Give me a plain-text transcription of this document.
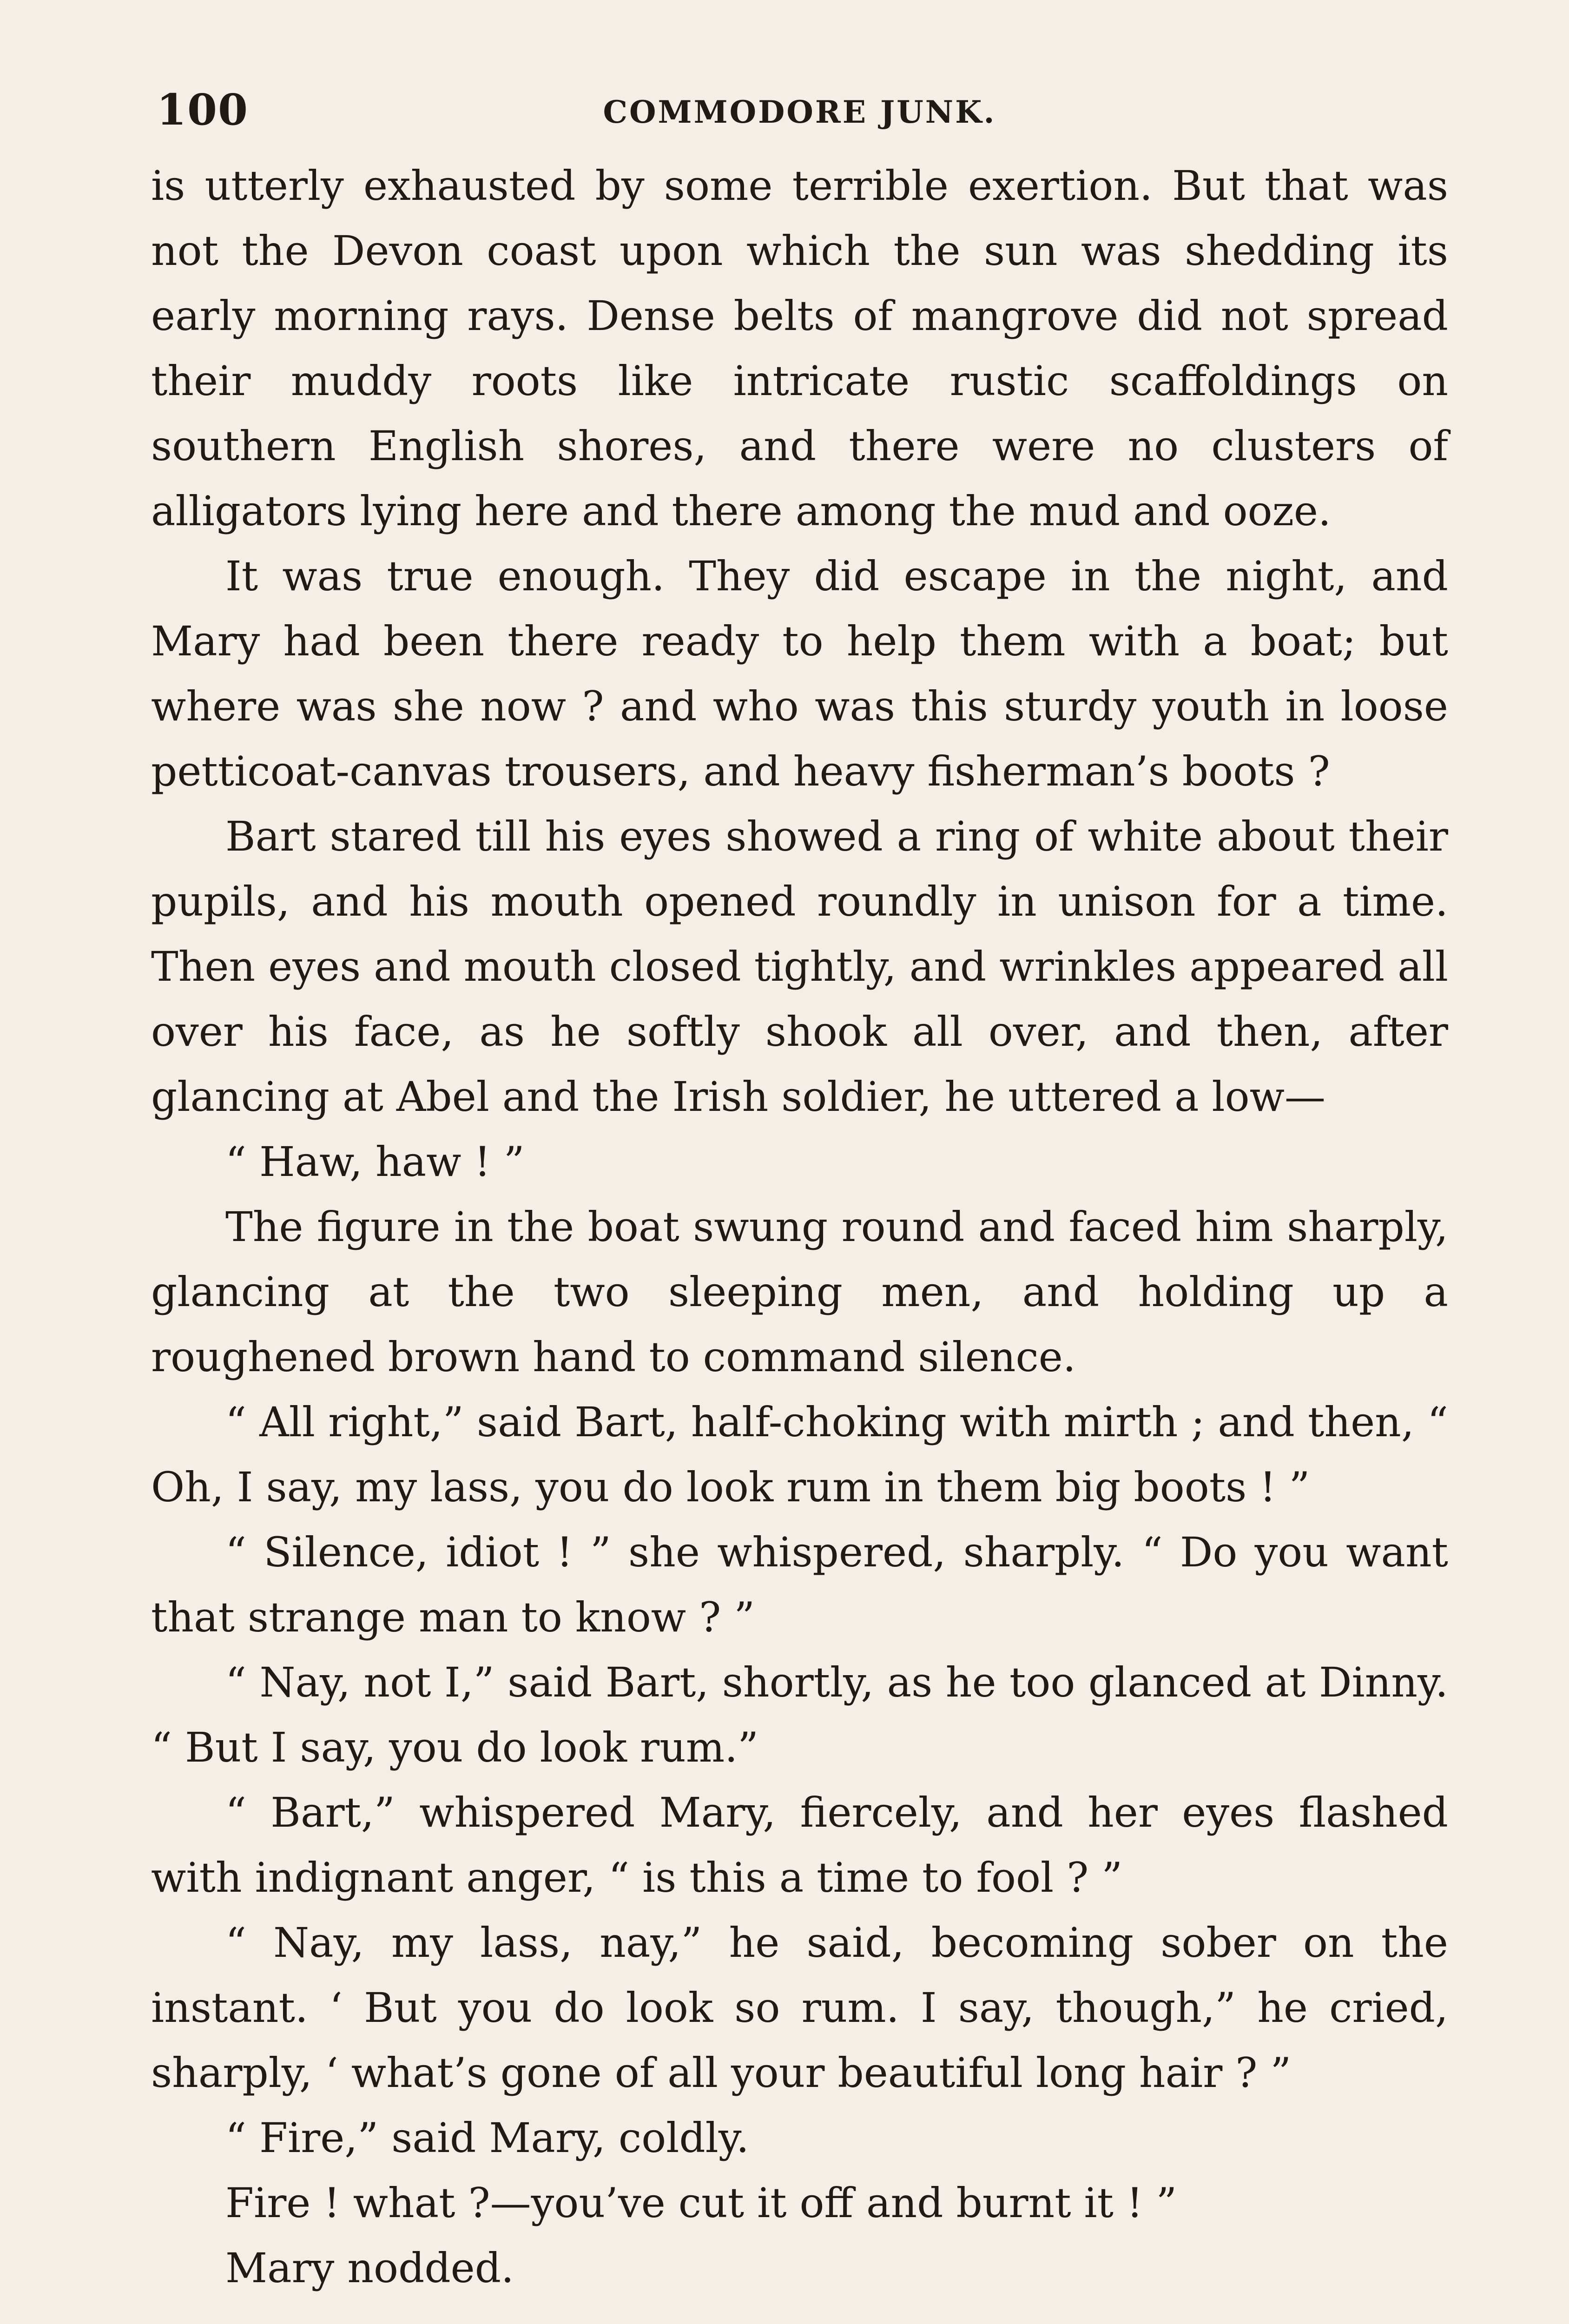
100	COMMODORE JUNK.

is utterly exhausted by some terrible exertion. But that was not the Devon coast upon which the sun was shedding its early morning rays. Dense belts of mangrove did not spread their muddy roots like intricate rustic scaffoldings on southern English shores, and there were no clusters of alligators lying here and there among the mud and ooze.

It was true enough. They did escape in the night, and Mary had been there ready to help them with a boat; but where was she now ? and who was this sturdy youth in loose petticoat-canvas trousers, and heavy fisherman’s boots ?

Bart stared till his eyes showed a ring of white about their pupils, and his mouth opened roundly in unison for a time. Then eyes and mouth closed tightly, and wrinkles appeared all over his face, as he softly shook all over, and then, after glancing at Abel and the Irish soldier, he uttered a low—

“ Haw, haw ! ”

The figure in the boat swung round and faced him sharply, glancing at the two sleeping men, and holding up a roughened brown hand to command silence.

“ All right,” said Bart, half-choking with mirth ; and then, “ Oh, I say, my lass, you do look rum in them big boots ! ”

“ Silence, idiot ! ” she whispered, sharply. “ Do you want that strange man to know ? ”

“ Nay, not I,” said Bart, shortly, as he too glanced at Dinny. “ But I say, you do look rum.”

“ Bart,” whispered Mary, fiercely, and her eyes flashed with indignant anger, “ is this a time to fool ? ”

“ Nay, my lass, nay,” he said, becoming sober on the instant. ‘ But you do look so rum. I say, though,” he cried, sharply, ‘ what’s gone of all your beautiful long hair ? ”

“ Fire,” said Mary, coldly.

Fire ! what ?—you’ve cut it off and burnt it ! ”

Mary nodded.
